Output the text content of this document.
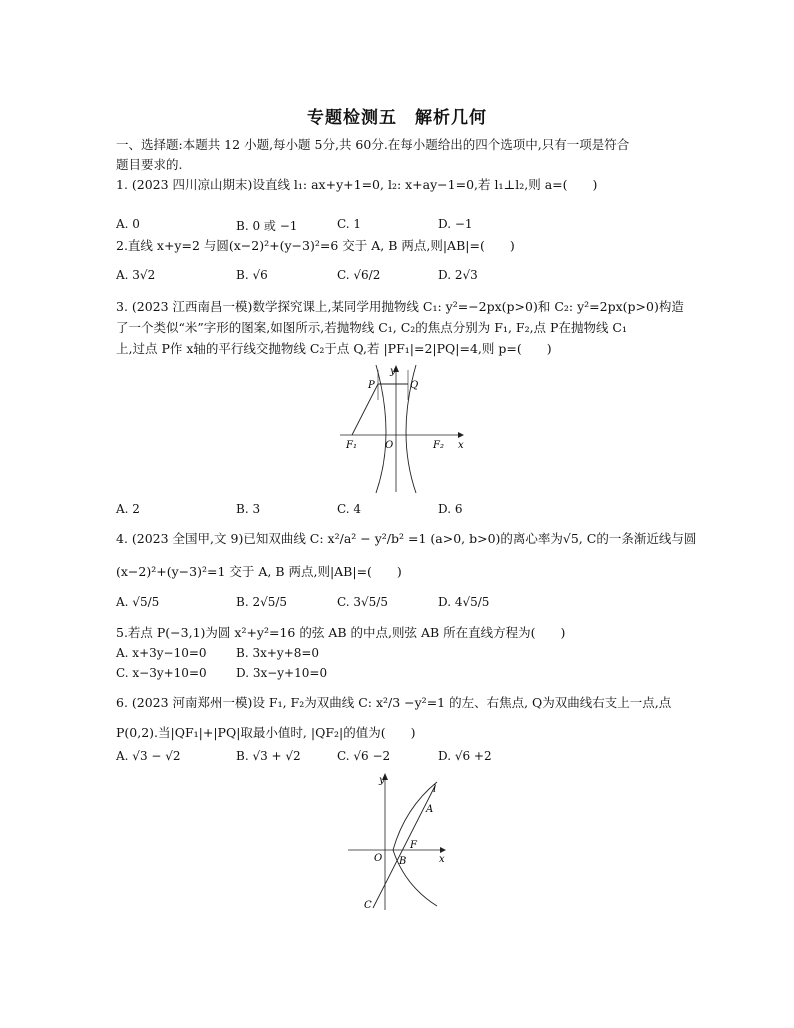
专题检测五　解析几何
一、选择题:本题共 12 小题,每小题 5分,共 60分.在每小题给出的四个选项中,只有一项是符合
题目要求的.
1. (2023 四川凉山期末)设直线 l₁: ax+y+1=0, l₂: x+ay−1=0,若 l₁⊥l₂,则 a=(　　)
A. 0	B. 0 或 −1	C. 1	D. −1
2.直线 x+y=2 与圆(x−2)²+(y−3)²=6 交于 A, B 两点,则|AB|=(　　)
A. 3√2	B. √6	C. √6/2	D. 2√3
3. (2023 江西南昌一模)数学探究课上,某同学用抛物线 C₁: y²=−2px(p>0)和 C₂: y²=2px(p>0)构造
了一个类似“米”字形的图案,如图所示,若抛物线 C₁, C₂的焦点分别为 F₁, F₂,点 P在抛物线 C₁
上,过点 P作 x轴的平行线交抛物线 C₂于点 Q,若 |PF₁|=2|PQ|=4,则 p=(　　)
y
x
P	Q
O
F₁	F₂
A. 2	B. 3	C. 4	D. 6
4. (2023 全国甲,文 9)已知双曲线 C: x²/a² − y²/b² =1 (a>0, b>0)的离心率为√5, C的一条渐近线与圆
(x−2)²+(y−3)²=1 交于 A, B 两点,则|AB|=(　　)
A. √5/5	B. 2√5/5	C. 3√5/5	D. 4√5/5
5.若点 P(−3,1)为圆 x²+y²=16 的弦 AB 的中点,则弦 AB 所在直线方程为(　　)
A. x+3y−10=0 B. 3x+y+8=0
C. x−3y+10=0 D. 3x−y+10=0
6. (2023 河南郑州一模)设 F₁, F₂为双曲线 C: x²/3 −y²=1 的左、右焦点, Q为双曲线右支上一点,点
P(0,2).当|QF₁|+|PQ|取最小值时, |QF₂|的值为(　　)
A. √3 − √2	B. √3 + √2	C. √6 −2	D. √6 +2
l
A
F
O B
C
y
x
